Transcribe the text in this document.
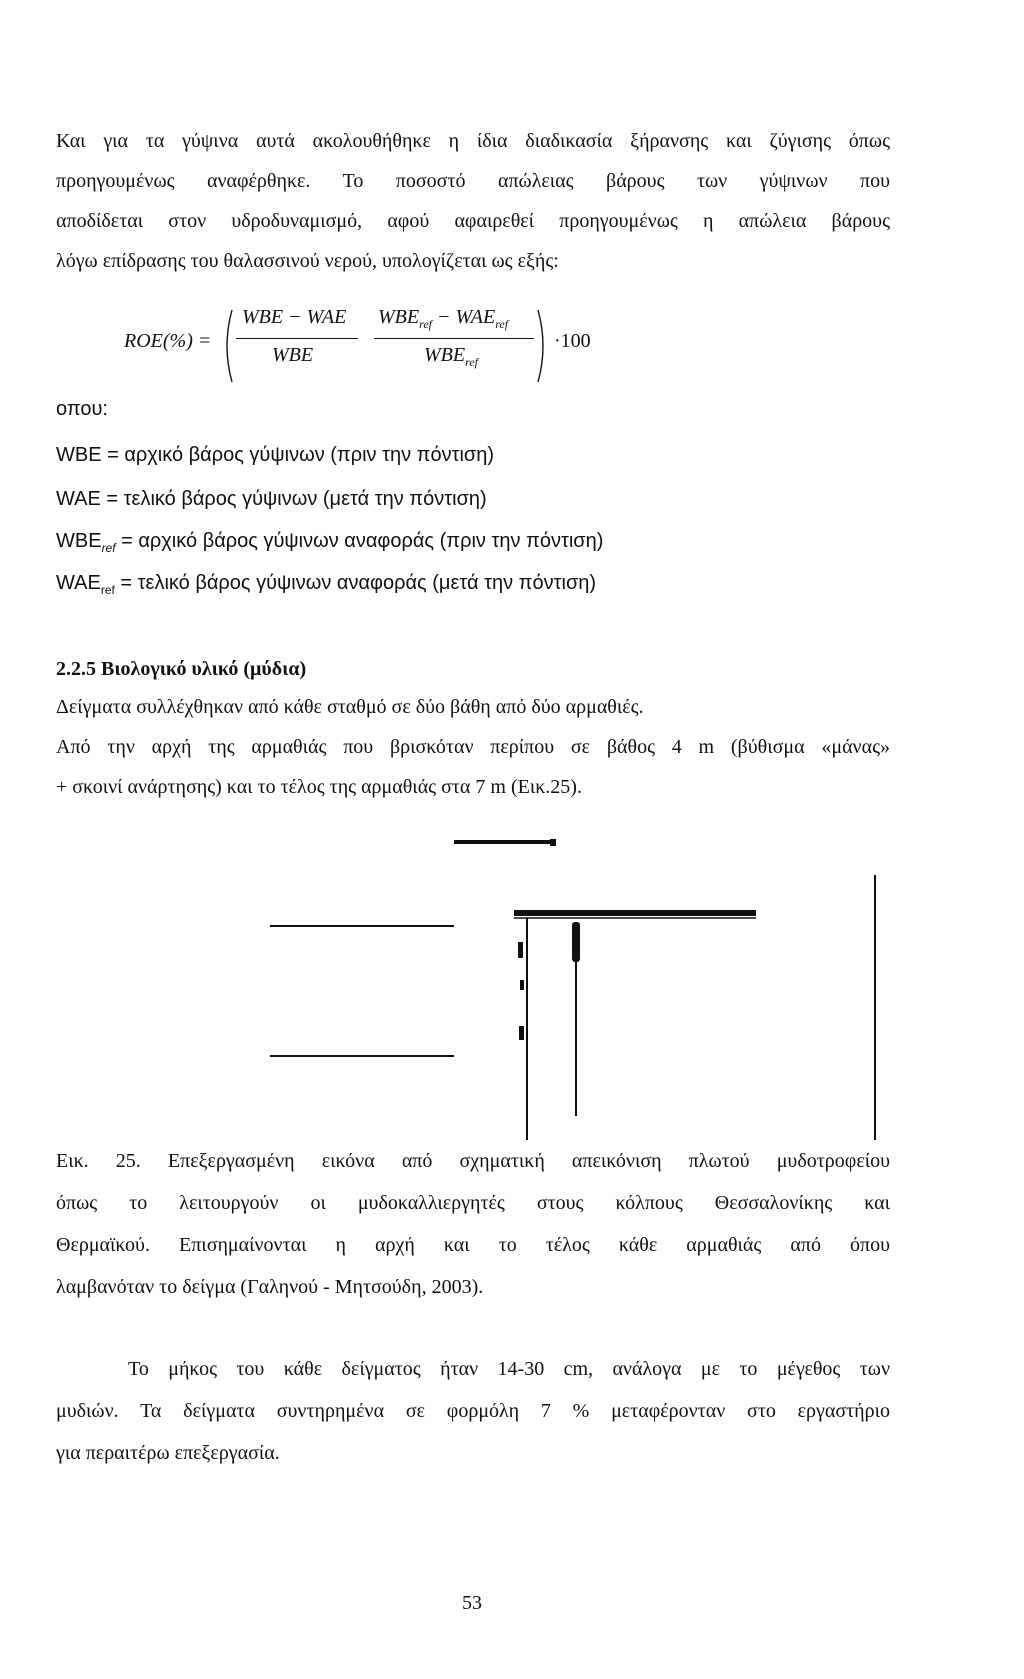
Και για τα γύψινα αυτά ακολουθήθηκε η ίδια διαδικασία ξήρανσης και ζύγισης όπως
προηγουμένως αναφέρθηκε. Το ποσοστό απώλειας βάρους των γύψινων που
αποδίδεται στον υδροδυναμισμό, αφού αφαιρεθεί προηγουμένως η απώλεια βάρους
λόγω επίδρασης του θαλασσινού νερού, υπολογίζεται ως εξής:
ROE(%) =
WBE − WAE
WBE
$WBE_{ref} - WAE_{ref}$
$WBE_{ref}$
·100
οπου:
WBE = αρχικό βάρος γύψινων (πριν την πόντιση)
WAE = τελικό βάρος γύψινων (μετά την πόντιση)
$WBE_{ref} = \alpha\rho\chi\iota\kappa ό$ βάρος γύψινων αναφοράς (πριν την πόντιση)
$WAE_{ref} = \tau\varepsilon\lambda\iota\kappa ό$ βάρος γύψινων αναφοράς (μετά την πόντιση)
2.2.5 Βιολογικό υλικό (μύδια)
Δείγματα συλλέχθηκαν από κάθε σταθμό σε δύο βάθη από δύο αρμαθιές.
Από την αρχή της αρμαθιάς που βρισκόταν περίπου σε βάθος 4 m (βύθισμα «μάνας»
+ σκοινί ανάρτησης) και το τέλος της αρμαθιάς στα 7 m (Εικ.25).
Εικ. 25. Επεξεργασμένη εικόνα από σχηματική απεικόνιση πλωτού μυδοτροφείου
όπως το λειτουργούν οι μυδοκαλλιεργητές στους κόλπους Θεσσαλονίκης και
Θερμαϊκού. Επισημαίνονται η αρχή και το τέλος κάθε αρμαθιάς από όπου
λαμβανόταν το δείγμα (Γαληνού - Μητσούδη, 2003).
Το μήκος του κάθε δείγματος ήταν 14-30 cm, ανάλογα με το μέγεθος των
μυδιών. Τα δείγματα συντηρημένα σε φορμόλη 7 % μεταφέρονταν στο εργαστήριο
για περαιτέρω επεξεργασία.
53
